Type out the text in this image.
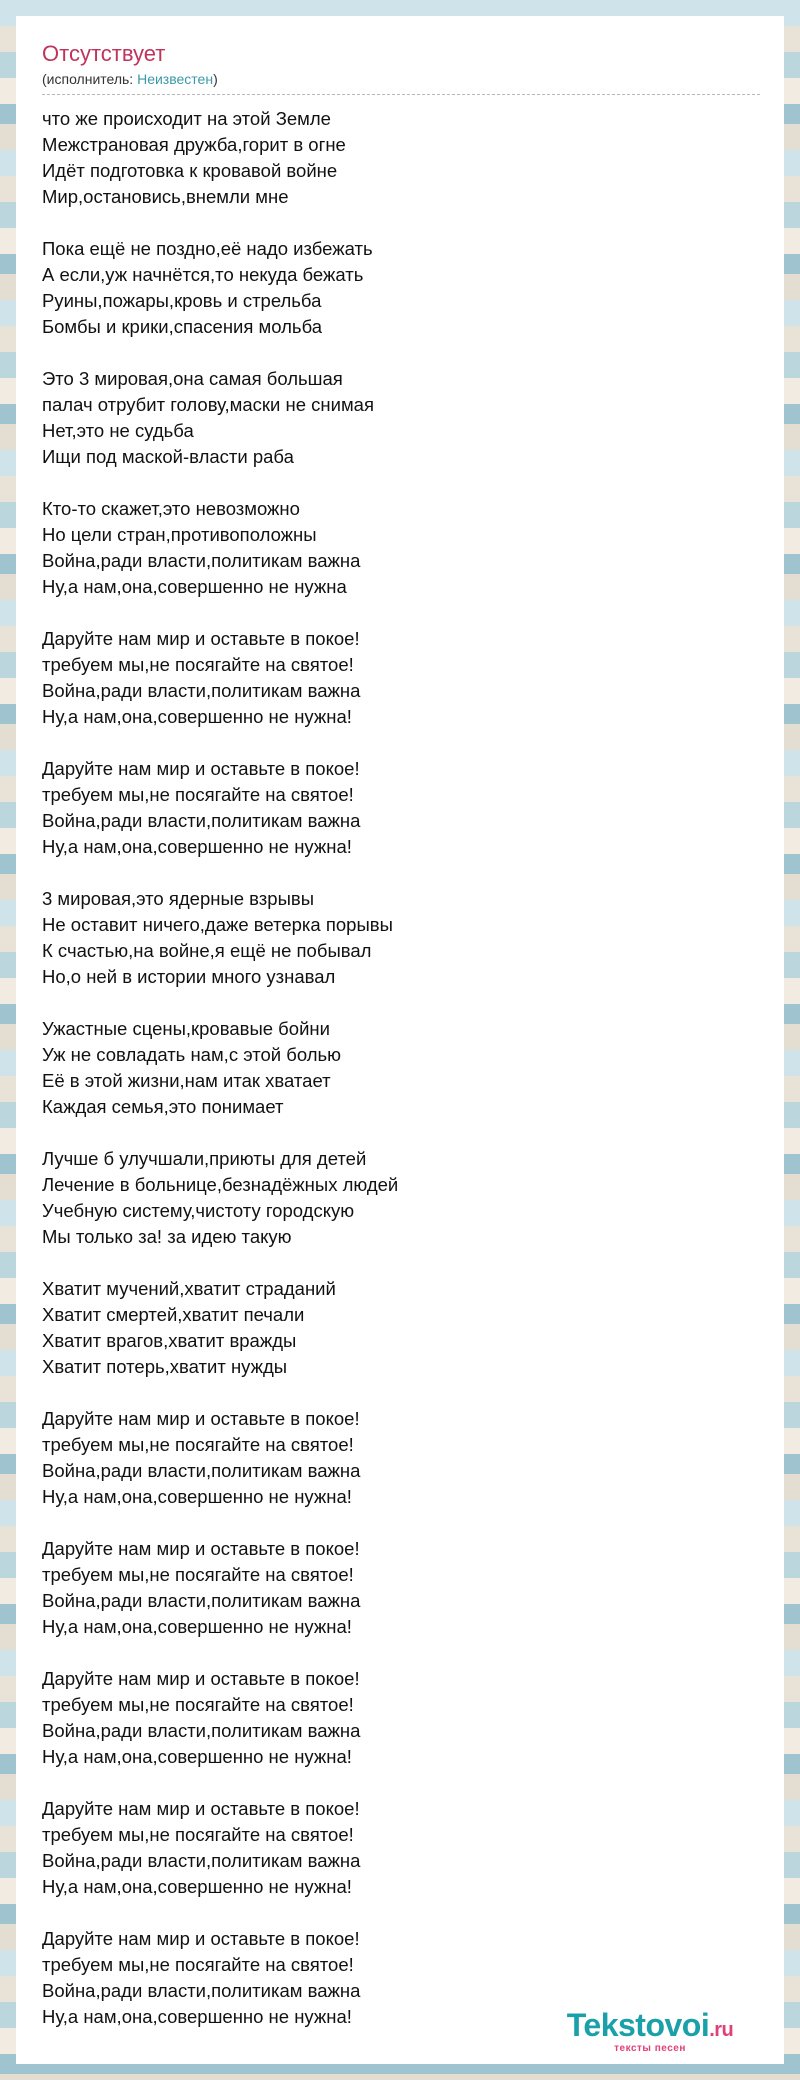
Отсутствует
(исполнитель: Неизвестен)
что же происходит на этой Земле
Межстрановая дружба,горит в огне
Идёт подготовка к кровавой войне
Мир,остановись,внемли мне
Пока ещё не поздно,её надо избежать
А если,уж начнётся,то некуда бежать
Руины,пожары,кровь и стрельба
Бомбы и крики,спасения мольба
Это 3 мировая,она самая большая
палач отрубит голову,маски не снимая
Нет,это не судьба
Ищи под маской-власти раба
Кто-то скажет,это невозможно
Но цели стран,противоположны
Война,ради власти,политикам важна
Ну,а нам,она,совершенно не нужна
Даруйте нам мир и оставьте в покое!
требуем мы,не посягайте на святое!
Война,ради власти,политикам важна
Ну,а нам,она,совершенно не нужна!
Даруйте нам мир и оставьте в покое!
требуем мы,не посягайте на святое!
Война,ради власти,политикам важна
Ну,а нам,она,совершенно не нужна!
3 мировая,это ядерные взрывы
Не оставит ничего,даже ветерка порывы
К счастью,на войне,я ещё не побывал
Но,о ней в истории много узнавал
Ужастные сцены,кровавые бойни
Уж не совладать нам,с этой болью
Её в этой жизни,нам итак хватает
Каждая семья,это понимает
Лучше б улучшали,приюты для детей
Лечение в больнице,безнадёжных людей
Учебную систему,чистоту городскую
Мы только за! за идею такую
Хватит мучений,хватит страданий
Хватит смертей,хватит печали
Хватит врагов,хватит вражды
Хватит потерь,хватит нужды
Даруйте нам мир и оставьте в покое!
требуем мы,не посягайте на святое!
Война,ради власти,политикам важна
Ну,а нам,она,совершенно не нужна!
Даруйте нам мир и оставьте в покое!
требуем мы,не посягайте на святое!
Война,ради власти,политикам важна
Ну,а нам,она,совершенно не нужна!
Даруйте нам мир и оставьте в покое!
требуем мы,не посягайте на святое!
Война,ради власти,политикам важна
Ну,а нам,она,совершенно не нужна!
Даруйте нам мир и оставьте в покое!
требуем мы,не посягайте на святое!
Война,ради власти,политикам важна
Ну,а нам,она,совершенно не нужна!
Даруйте нам мир и оставьте в покое!
требуем мы,не посягайте на святое!
Война,ради власти,политикам важна
Ну,а нам,она,совершенно не нужна!	Tekstovoi.ru
тексты песен
